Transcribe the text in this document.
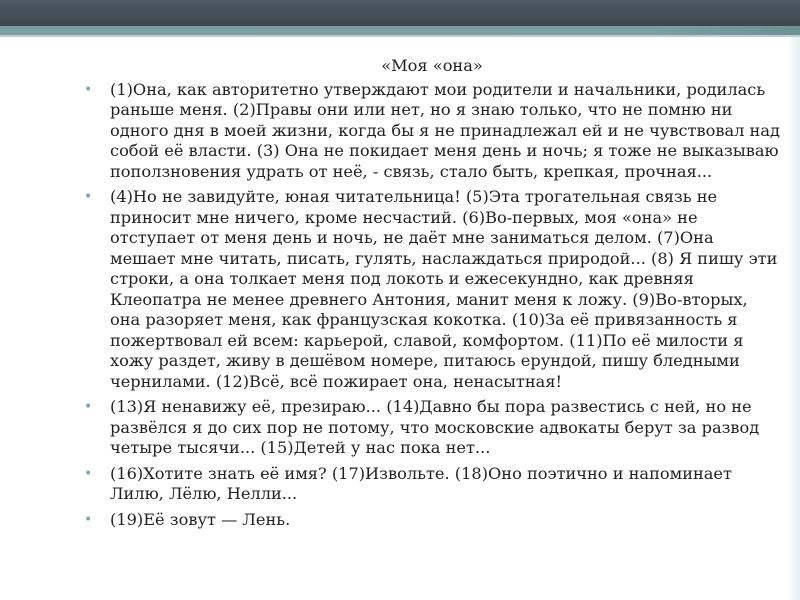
«Моя «она»
• (1)Она, как авторитетно утверждают мои родители и начальники, родилась раньше меня. (2)Правы они или нет, но я знаю только, что не помню ни одного дня в моей жизни, когда бы я не принадлежал ей и не чувствовал над собой её власти. (3) Она не покидает меня день и ночь; я тоже не выказываю поползновения удрать от неё, - связь, стало быть, крепкая, прочная...
• (4)Но не завидуйте, юная читательница! (5)Эта трогательная связь не приносит мне ничего, кроме несчастий. (6)Во-первых, моя «она» не отступает от меня день и ночь, не даёт мне заниматься делом. (7)Она мешает мне читать, писать, гулять, наслаждаться природой... (8) Я пишу эти строки, а она толкает меня под локоть и ежесекундно, как древняя Клеопатра не менее древнего Антония, манит меня к ложу. (9)Во-вторых, она разоряет меня, как французская кокотка. (10)За её привязанность я пожертвовал ей всем: карьерой, славой, комфортом. (11)По её милости я хожу раздет, живу в дешёвом номере, питаюсь ерундой, пишу бледными чернилами. (12)Всё, всё пожирает она, ненасытная!
• (13)Я ненавижу её, презираю... (14)Давно бы пора развестись с ней, но не развёлся я до сих пор не потому, что московские адвокаты берут за развод четыре тысячи... (15)Детей у нас пока нет...
• (16)Хотите знать её имя? (17)Извольте. (18)Оно поэтично и напоминает Лилю, Лёлю, Нелли...
• (19)Её зовут — Лень.
